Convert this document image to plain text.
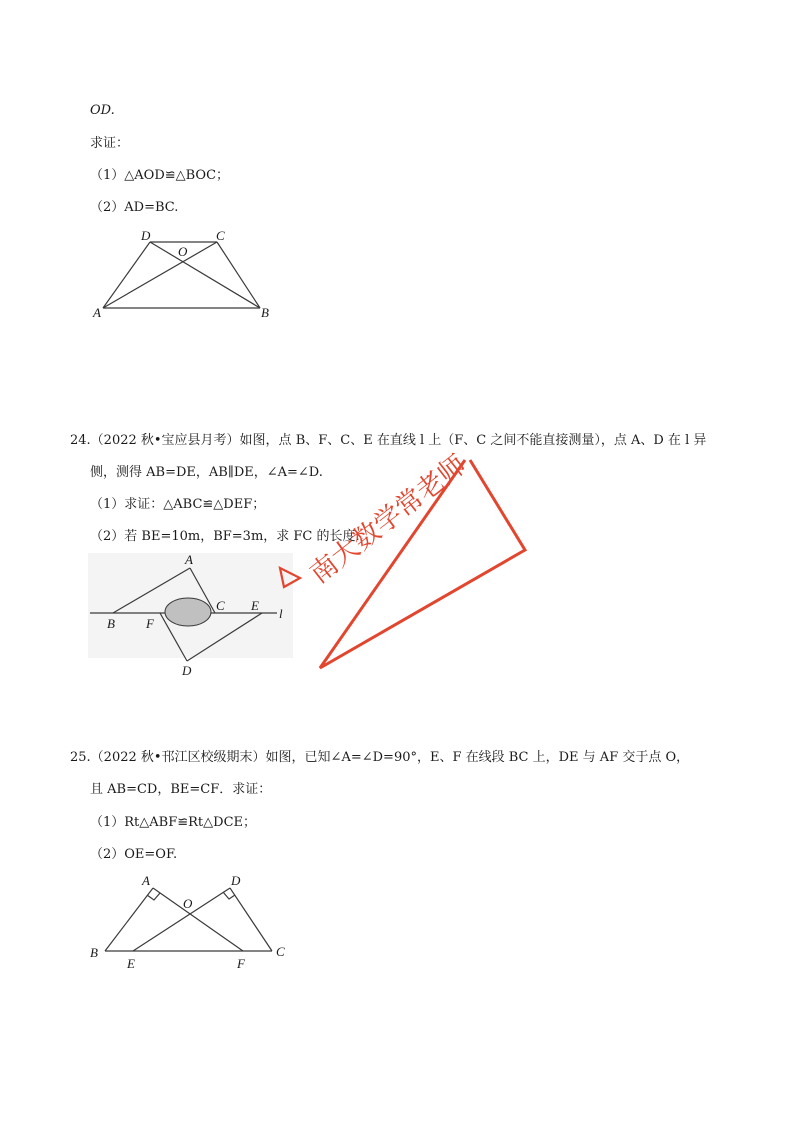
OD.
求证：
（1）△AOD≌△BOC；
（2）AD=BC.
D	C
O
A	B
24.（2022 秋•宝应县月考）如图，点 B、F、C、E 在直线 l 上（F、C 之间不能直接测量），点 A、D 在 l 异
侧，测得 AB=DE，AB∥DE，∠A=∠D.
（1）求证：△ABC≌△DEF；
（2）若 BE=10m，BF=3m，求 FC 的长度.
A
B F
C E
l
D
南大数学常老师
25.（2022 秋•邗江区校级期末）如图，已知∠A=∠D=90°，E、F 在线段 BC 上，DE 与 AF 交于点 O，
且 AB=CD，BE=CF．求证：
（1）Rt△ABF≌Rt△DCE；
（2）OE=OF.
A	D
O
B
E	F
C
